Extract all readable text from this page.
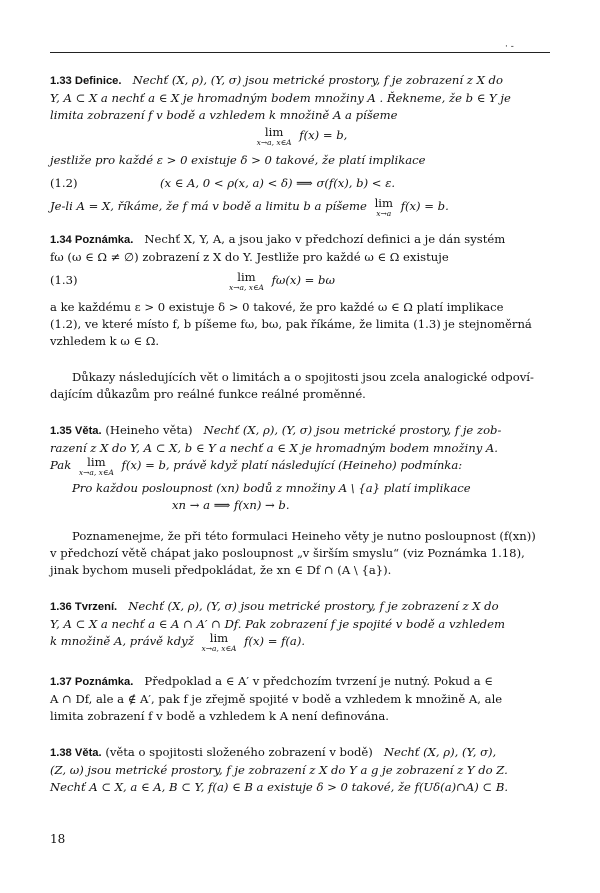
· -

1.33 Definice. Nechť (X, ρ), (Y, σ) jsou metrické prostory, f je zobrazení z X do
Y, A ⊂ X a nechť a ∈ X je hromadným bodem množiny A . Řekneme, že b ∈ Y je
limita zobrazení f v bodě a vzhledem k množině A a píšeme

lim
x→a, x∈A
f(x) = b,

jestliže pro každé ε > 0 existuje δ > 0 takové, že platí implikace

(1.2)	(x ∈ A, 0 < ρ(x, a) < δ) ⟹ σ(f(x), b) < ε.

Je-li A = X, říkáme, že f má v bodě a limitu b a píšeme lim
x→a
f(x) = b.

1.34 Poznámka. Nechť X, Y, A, a jsou jako v předchozí definici a je dán systém
fω (ω ∈ Ω ≠ ∅) zobrazení z X do Y. Jestliže pro každé ω ∈ Ω existuje

(1.3)	lim
x→a, x∈A
fω(x) = bω

a ke každému ε > 0 existuje δ > 0 takové, že pro každé ω ∈ Ω platí implikace
(1.2), ve které místo f, b píšeme fω, bω, pak říkáme, že limita (1.3) je stejnoměrná
vzhledem k ω ∈ Ω.

Důkazy následujících vět o limitách a o spojitosti jsou zcela analogické odpoví-
dajícím důkazům pro reálné funkce reálné proměnné.

1.35 Věta. (Heineho věta) Nechť (X, ρ), (Y, σ) jsou metrické prostory, f je zob-
razení z X do Y, A ⊂ X, b ∈ Y a nechť a ∈ X je hromadným bodem množiny A.
Pak lim
x→a, x∈A
f(x) = b, právě když platí následující (Heineho) podmínka:

Pro každou posloupnost (xn) bodů z množiny A \ {a} platí implikace
xn → a ⟹ f(xn) → b.

Poznamenejme, že při této formulaci Heineho věty je nutno posloupnost (f(xn))
v předchozí větě chápat jako posloupnost „v širším smyslu“ (viz Poznámka 1.18),
jinak bychom museli předpokládat, že xn ∈ Df ∩ (A \ {a}).

1.36 Tvrzení. Nechť (X, ρ), (Y, σ) jsou metrické prostory, f je zobrazení z X do
Y, A ⊂ X a nechť a ∈ A ∩ A′ ∩ Df. Pak zobrazení f je spojité v bodě a vzhledem
k množině A, právě když lim
x→a, x∈A
f(x) = f(a).

1.37 Poznámka. Předpoklad a ∈ A′ v předchozím tvrzení je nutný. Pokud a ∈
A ∩ Df, ale a ∉ A′, pak f je zřejmě spojité v bodě a vzhledem k množině A, ale
limita zobrazení f v bodě a vzhledem k A není definována.

1.38 Věta. (věta o spojitosti složeného zobrazení v bodě) Nechť (X, ρ), (Y, σ),
(Z, ω) jsou metrické prostory, f je zobrazení z X do Y a g je zobrazení z Y do Z.
Nechť A ⊂ X, a ∈ A, B ⊂ Y, f(a) ∈ B a existuje δ > 0 takové, že f(Uδ(a)∩A) ⊂ B.

18
